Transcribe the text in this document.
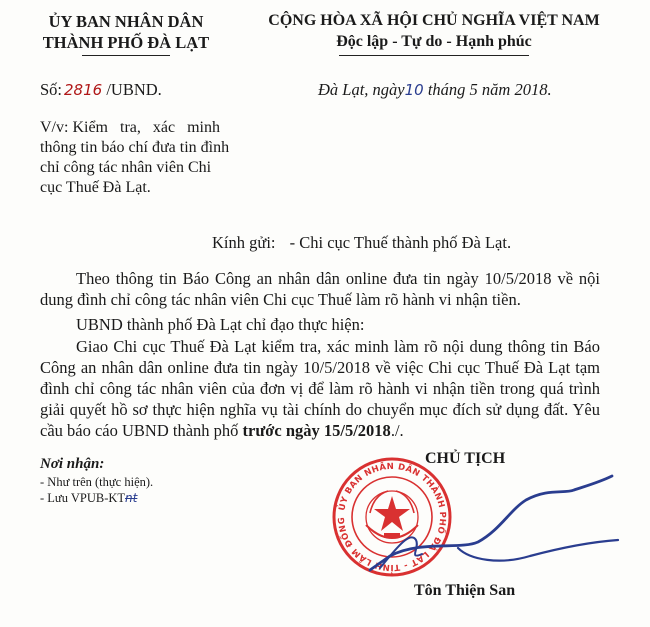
ỦY BAN NHÂN DÂN
THÀNH PHỐ ĐÀ LẠT
CỘNG HÒA XÃ HỘI CHỦ NGHĨA VIỆT NAM
Độc lập - Tự do - Hạnh phúc
Số: 2816 /UBND.	Đà Lạt, ngày10 tháng 5 năm 2018.
V/v: Kiểm   tra,   xác   minh
thông tin báo chí đưa tin đình
chỉ công tác nhân viên Chi
cục Thuế Đà Lạt.
Kính gửi: - Chi cục Thuế thành phố Đà Lạt.
Theo thông tin Báo Công an nhân dân online đưa tin ngày 10/5/2018 về nội dung đình chỉ công tác nhân viên Chi cục Thuế làm rõ hành vi nhận tiền.
UBND thành phố Đà Lạt chỉ đạo thực hiện:
Giao Chi cục Thuế Đà Lạt kiểm tra, xác minh làm rõ nội dung thông tin Báo Công an nhân dân online đưa tin ngày 10/5/2018 về việc Chi cục Thuế Đà Lạt tạm đình chỉ công tác nhân viên của đơn vị để làm rõ hành vi nhận tiền trong quá trình giải quyết hồ sơ thực hiện nghĩa vụ tài chính do chuyển mục đích sử dụng đất. Yêu cầu báo cáo UBND thành phố trước ngày 15/5/2018./.
Nơi nhận:
- Như trên (thực hiện).
- Lưu VPUB-KTnt
CHỦ TỊCH
ỦY BAN NHÂN DÂN THÀNH PHỐ ĐÀ LẠT - TỈNH LÂM ĐỒNG
Tôn Thiện San
